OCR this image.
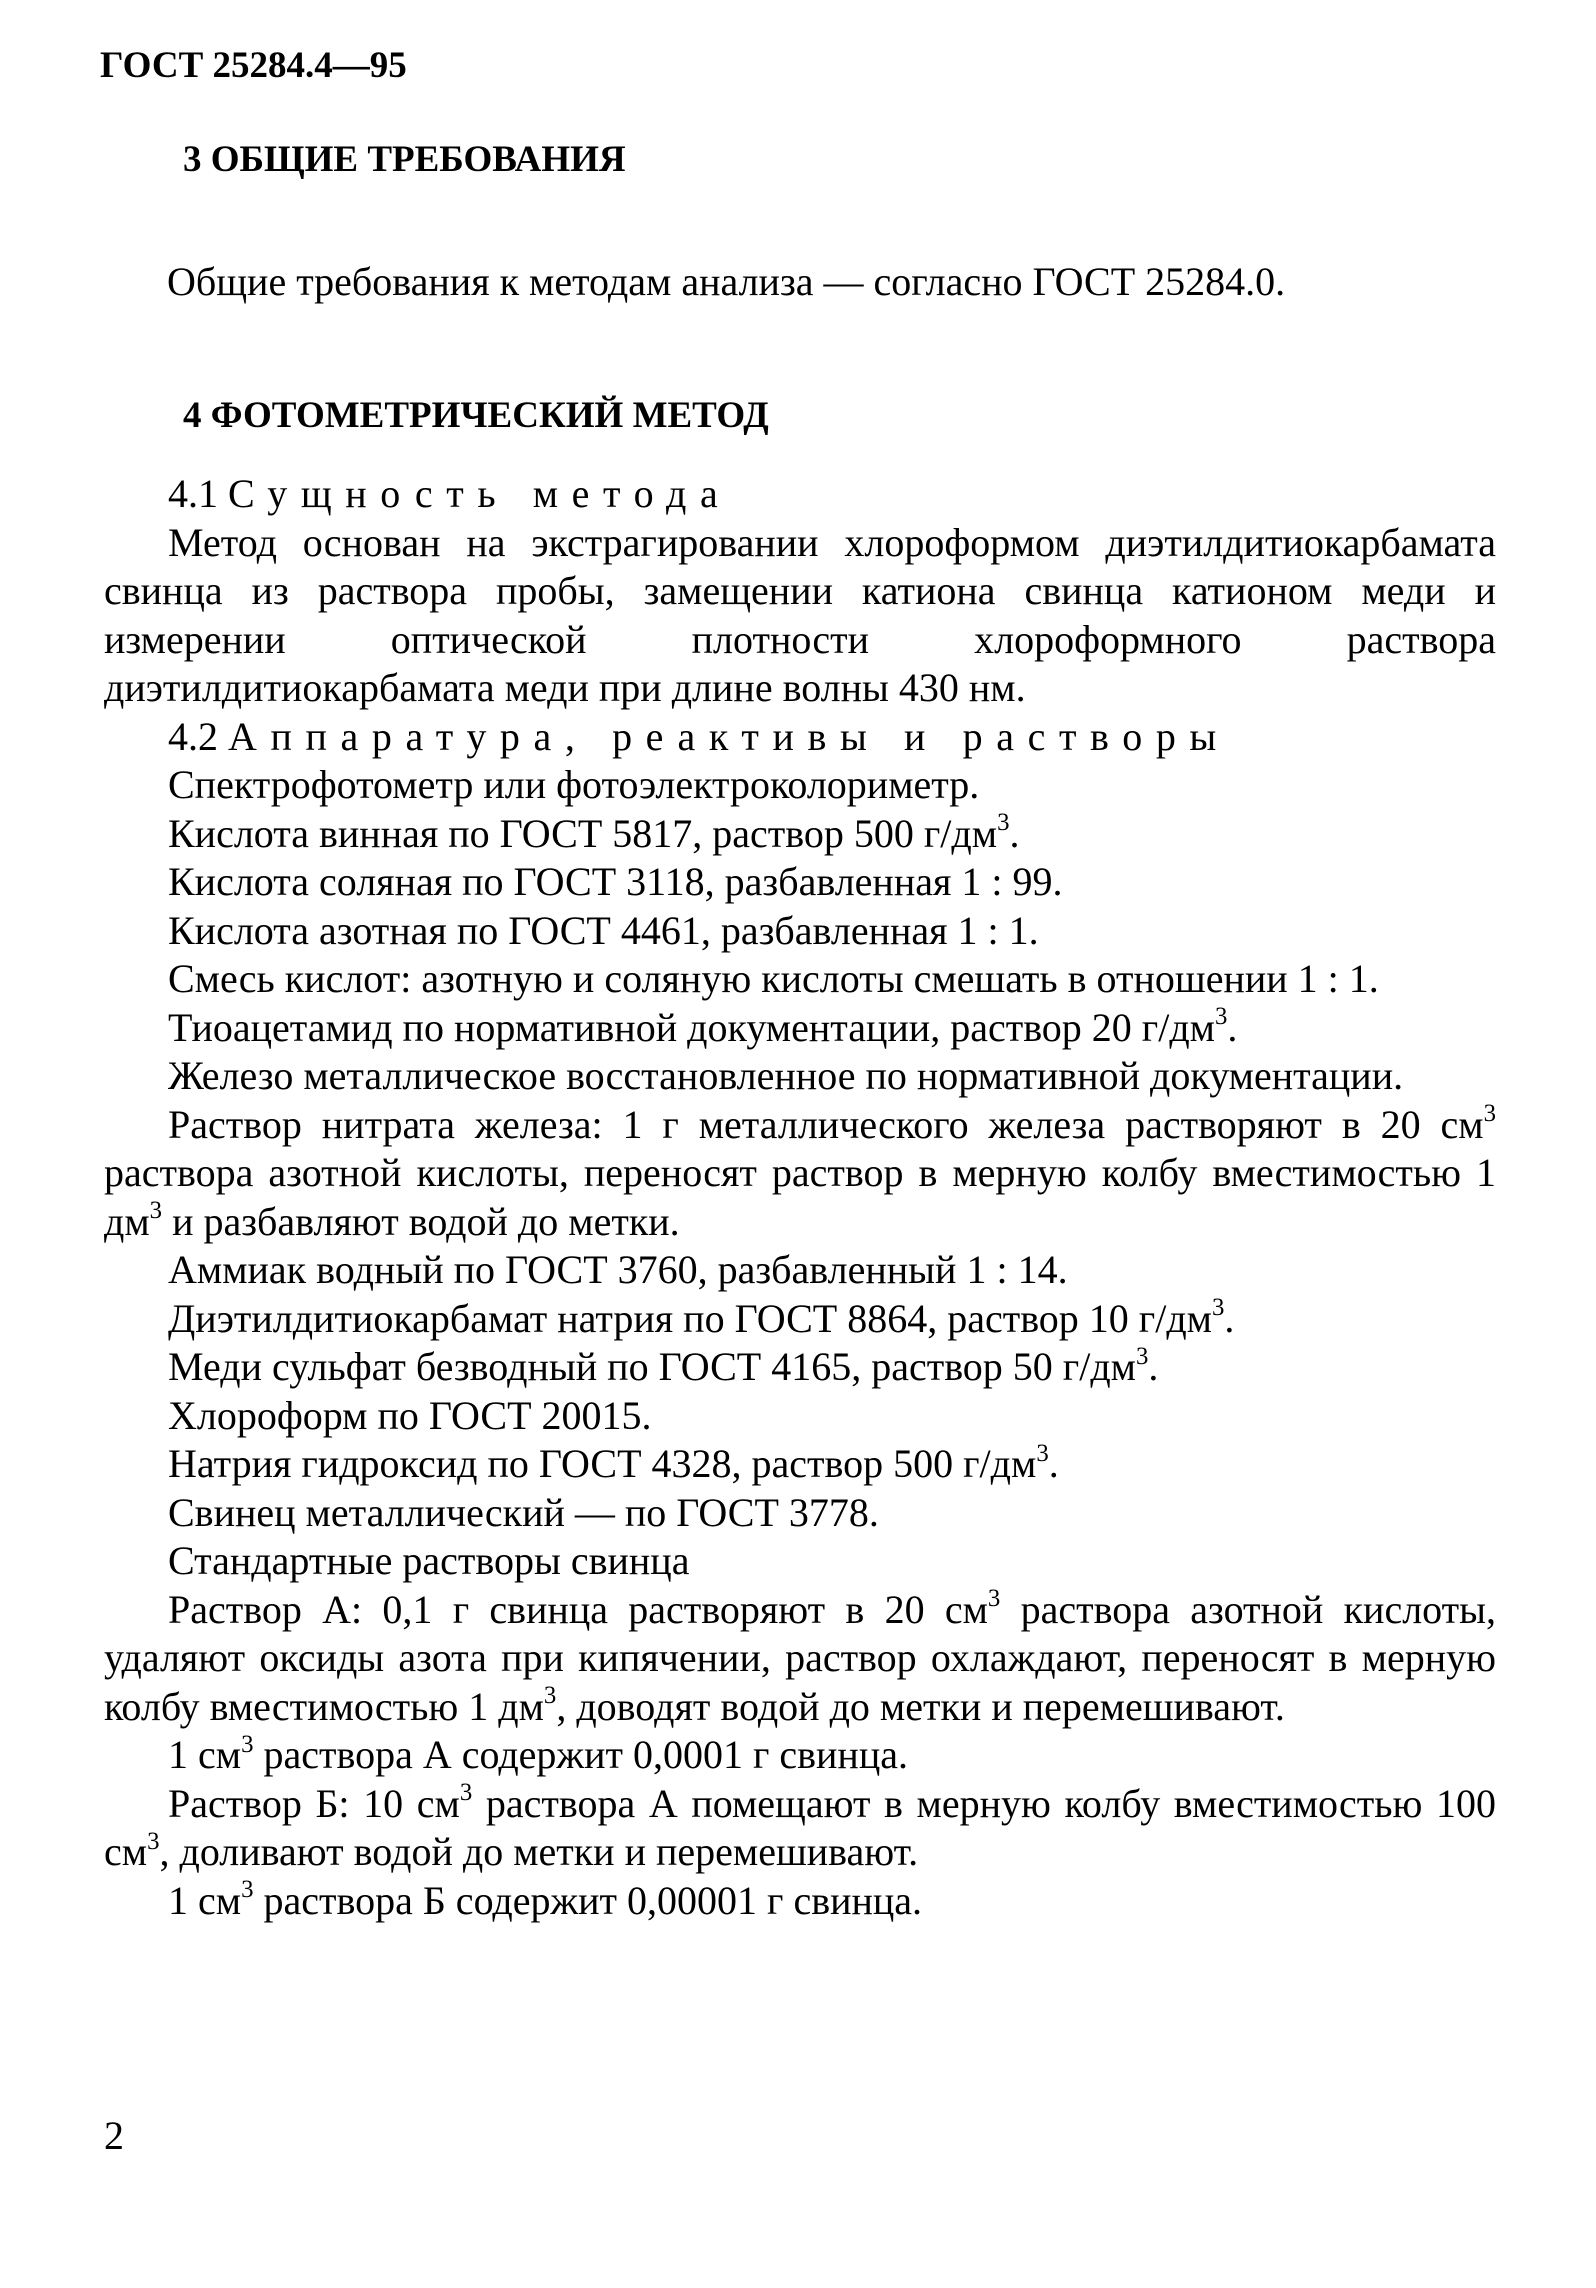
ГОСТ 25284.4—95
3 ОБЩИЕ ТРЕБОВАНИЯ
Общие требования к методам анализа — согласно ГОСТ 25284.0.
4 ФОТОМЕТРИЧЕСКИЙ МЕТОД

4.1 Сущность метода

Метод основан на экстрагировании хлороформом диэтилдитиокарбамата свинца из раствора пробы, замещении катиона свинца катионом меди и измерении оптической плотности хлороформного раствора диэтилдитиокарбамата меди при длине волны 430 нм.

4.2 Аппаратура, реактивы и растворы

Спектрофотометр или фотоэлектроколориметр.

Кислота винная по ГОСТ 5817, раствор 500 $г/дм^3$.

Кислота соляная по ГОСТ 3118, разбавленная 1 : 99.

Кислота азотная по ГОСТ 4461, разбавленная 1 : 1.

Смесь кислот: азотную и соляную кислоты смешать в отношении 1 : 1.

Тиоацетамид по нормативной документации, раствор 20 $г/дм^3$.

Железо металлическое восстановленное по нормативной документации.

Раствор нитрата железа: 1 г металлического железа растворяют в 20 $см^3$ раствора азотной кислоты, переносят раствор в мерную колбу вместимостью 1 $дм^3$ и разбавляют водой до метки.

Аммиак водный по ГОСТ 3760, разбавленный 1 : 14.

Диэтилдитиокарбамат натрия по ГОСТ 8864, раствор 10 $г/дм^3$.

Меди сульфат безводный по ГОСТ 4165, раствор 50 $г/дм^3$.

Хлороформ по ГОСТ 20015.

Натрия гидроксид по ГОСТ 4328, раствор 500 $г/дм^3$.

Свинец металлический — по ГОСТ 3778.

Стандартные растворы свинца

Раствор А: 0,1 г свинца растворяют в 20 $см^3$ раствора азотной кислоты, удаляют оксиды азота при кипячении, раствор охлаждают, переносят в мерную колбу вместимостью 1 $дм^3$, доводят водой до метки и перемешивают.

1 $см^3$ раствора А содержит 0,0001 г свинца.

Раствор Б: 10 $см^3$ раствора А помещают в мерную колбу вместимостью 100 $см^3$, доливают водой до метки и перемешивают.

1 $см^3$ раствора Б содержит 0,00001 г свинца.

2
